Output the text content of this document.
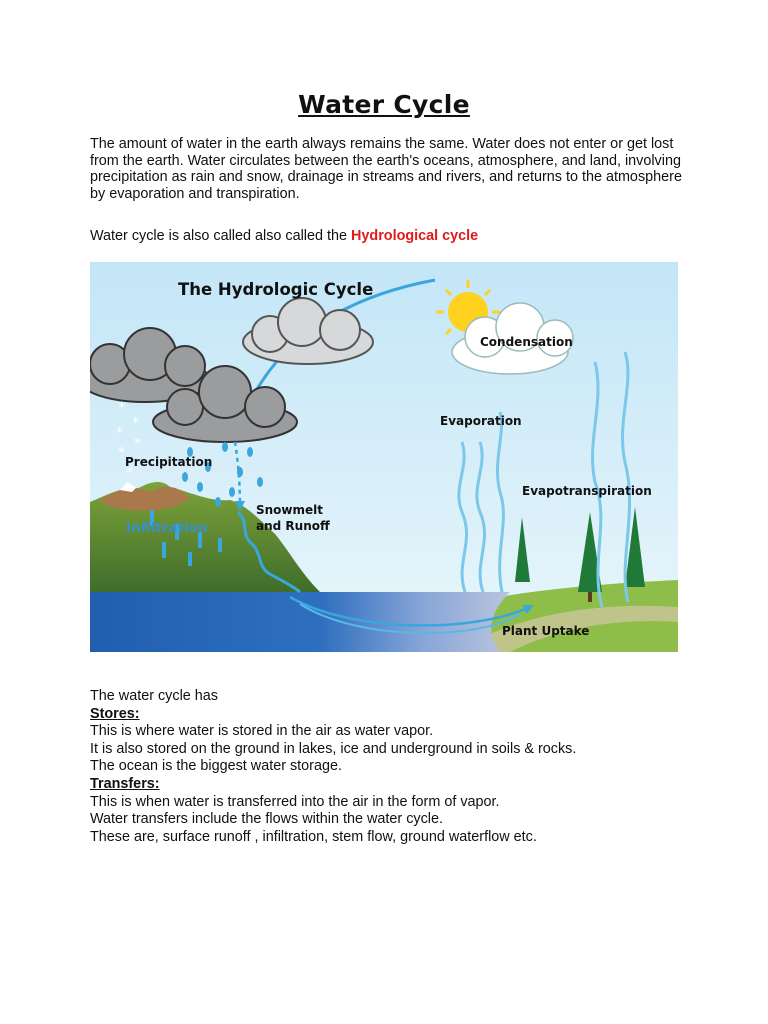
Water Cycle
The amount of water in the earth always remains the same. Water does not enter or get lost from the earth. Water circulates between the earth's oceans, atmosphere, and land, involving precipitation as rain and snow, drainage in streams and rivers, and returns to the atmosphere by evaporation and transpiration.
Water cycle is also called also called the Hydrological cycle
*
*
*
*
*
*
The Hydrologic Cycle
Condensation
Evaporation
Precipitation
Evapotranspiration
Infiltration
Snowmelt
and Runoff
Plant Uptake
The water cycle has
Stores:
This is where water is stored in the air as water vapor.
It is also stored on the ground in lakes, ice and underground in soils & rocks.
The ocean is the biggest water storage.
Transfers:
This is when water is transferred into the air in the form of vapor.
Water transfers include the flows within the water cycle.
These are, surface runoff , infiltration, stem flow, ground waterflow etc.
